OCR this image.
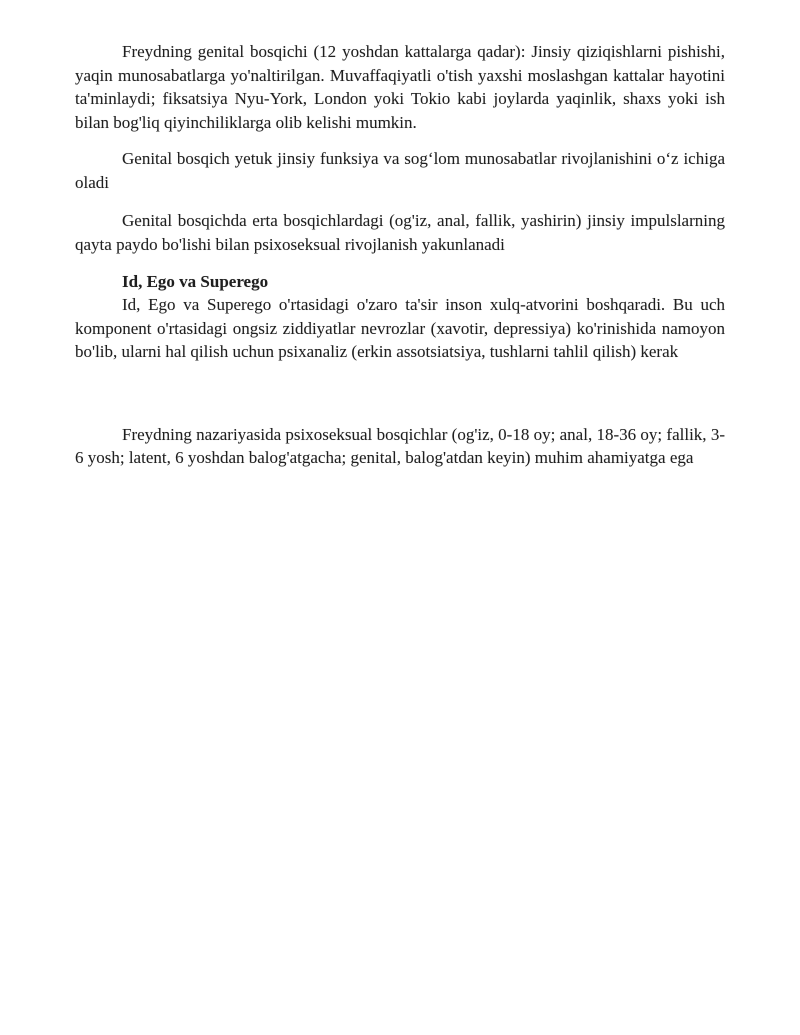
Freydning genital bosqichi (12 yoshdan kattalarga qadar): Jinsiy qiziqishlarni pishishi, yaqin munosabatlarga yo'naltirilgan. Muvaffaqiyatli o'tish yaxshi moslashgan kattalar hayotini ta'minlaydi; fiksatsiya Nyu-York, London yoki Tokio kabi joylarda yaqinlik, shaxs yoki ish bilan bog'liq qiyinchiliklarga olib kelishi mumkin.

Genital bosqich yetuk jinsiy funksiya va sog‘lom munosabatlar rivojlanishini o‘z ichiga oladi

Genital bosqichda erta bosqichlardagi (og'iz, anal, fallik, yashirin) jinsiy impulslarning qayta paydo bo'lishi bilan psixoseksual rivojlanish yakunlanadi

Id, Ego va Superego

Id, Ego va Superego o'rtasidagi o'zaro ta'sir inson xulq-atvorini boshqaradi. Bu uch komponent o'rtasidagi ongsiz ziddiyatlar nevrozlar (xavotir, depressiya) ko'rinishida namoyon bo'lib, ularni hal qilish uchun psixanaliz (erkin assotsiatsiya, tushlarni tahlil qilish) kerak

Freydning nazariyasida psixoseksual bosqichlar (og'iz, 0-18 oy; anal, 18-36 oy; fallik, 3-6 yosh; latent, 6 yoshdan balog'atgacha; genital, balog'atdan keyin) muhim ahamiyatga ega
